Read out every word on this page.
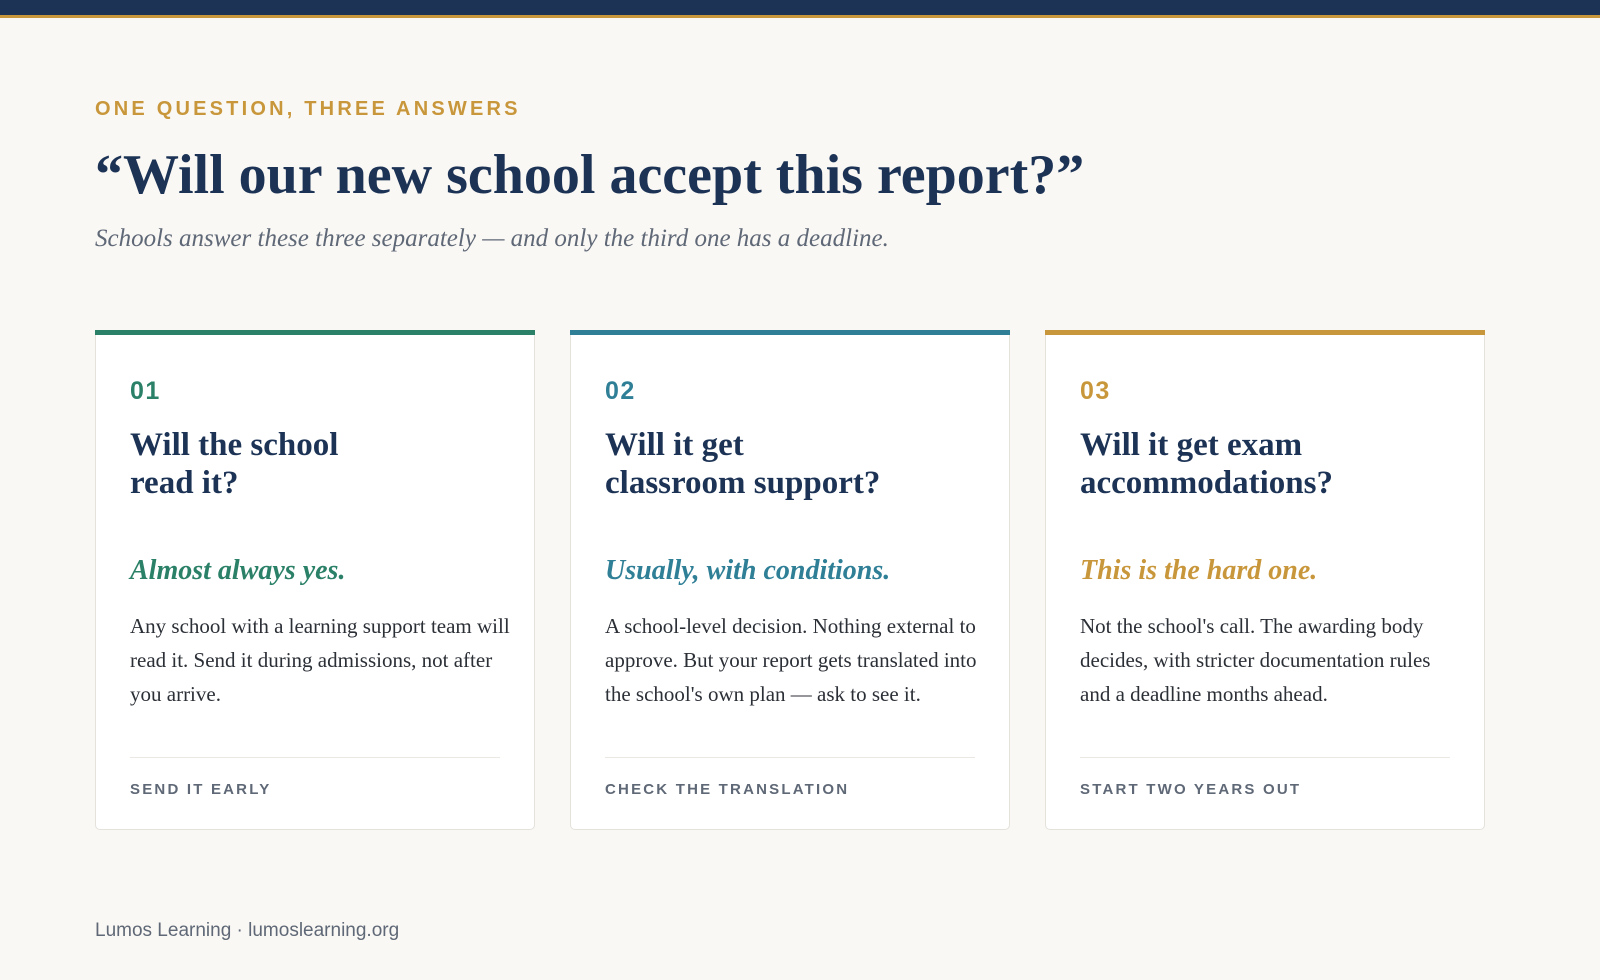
ONE QUESTION, THREE ANSWERS
“Will our new school accept this report?”

Schools answer these three separately — and only the third one has a deadline.

01
Will the school
read it?
Almost always yes.

Any school with a learning support team will read it. Send it during admissions, not after you arrive.

SEND IT EARLY
02
Will it get
classroom support?
Usually, with conditions.

A school-level decision. Nothing external to approve. But your report gets translated into the school's own plan — ask to see it.

CHECK THE TRANSLATION
03
Will it get exam
accommodations?
This is the hard one.

Not the school's call. The awarding body decides, with stricter documentation rules and a deadline months ahead.

START TWO YEARS OUT
Lumos Learning · lumoslearning.org
